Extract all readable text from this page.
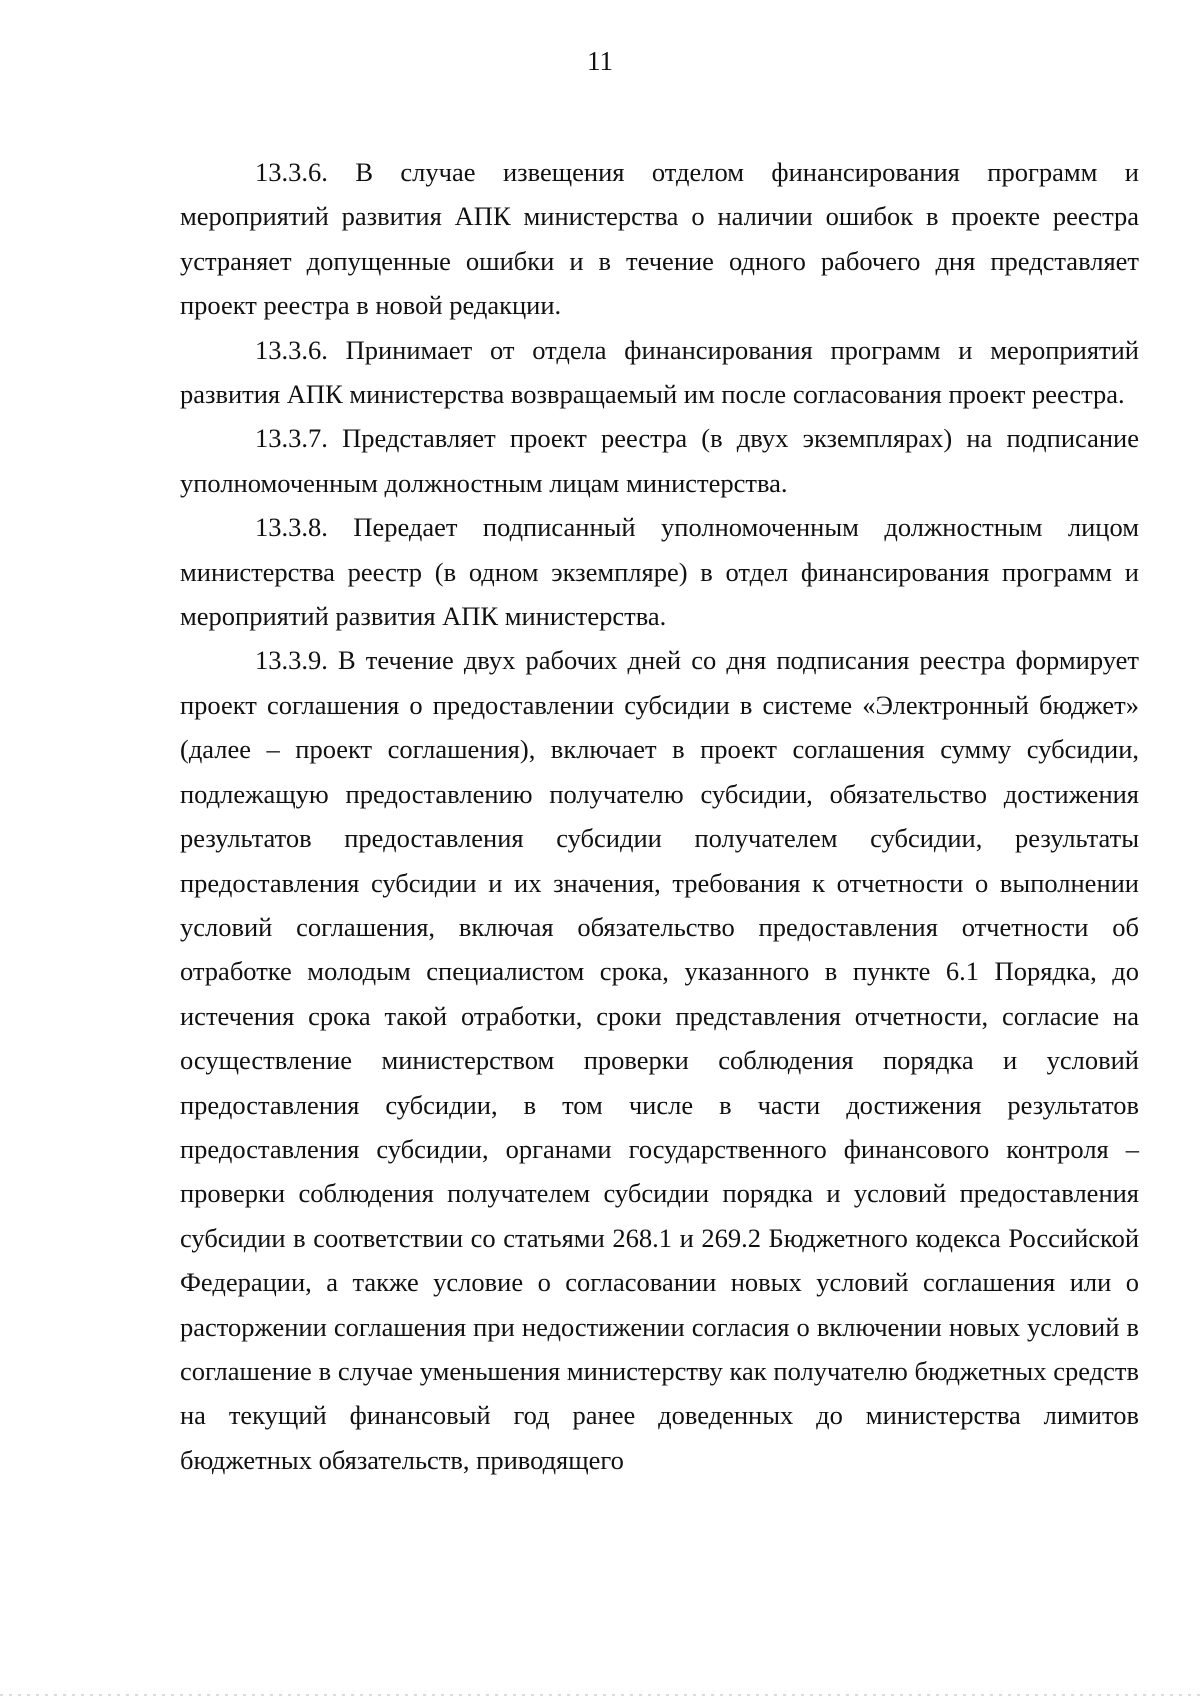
11

13.3.6. В случае извещения отделом финансирования программ и мероприятий развития АПК министерства о наличии ошибок в проекте реестра устраняет допущенные ошибки и в течение одного рабочего дня представляет проект реестра в новой редакции.

13.3.6. Принимает от отдела финансирования программ и мероприятий развития АПК министерства возвращаемый им после согласования проект реестра.

13.3.7. Представляет проект реестра (в двух экземплярах) на подписание уполномоченным должностным лицам министерства.

13.3.8. Передает подписанный уполномоченным должностным лицом министерства реестр (в одном экземпляре) в отдел финансирования программ и мероприятий развития АПК министерства.

13.3.9. В течение двух рабочих дней со дня подписания реестра формирует проект соглашения о предоставлении субсидии в системе «Электронный бюджет» (далее – проект соглашения), включает в проект соглашения сумму субсидии, подлежащую предоставлению получателю субсидии, обязательство достижения результатов предоставления субсидии получателем субсидии, результаты предоставления субсидии и их значения, требования к отчетности о выполнении условий соглашения, включая обязательство предоставления отчетности об отработке молодым специалистом срока, указанного в пункте 6.1 Порядка, до истечения срока такой отработки, сроки представления отчетности, согласие на осуществление министерством проверки соблюдения порядка и условий предоставления субсидии, в том числе в части достижения результатов предоставления субсидии, органами государственного финансового контроля – проверки соблюдения получателем субсидии порядка и условий предоставления субсидии в соответствии со статьями 268.1 и 269.2 Бюджетного кодекса Российской Федерации, а также условие о согласовании новых условий соглашения или о расторжении соглашения при недостижении согласия о включении новых условий в соглашение в случае уменьшения министерству как получателю бюджетных средств на текущий финансовый год ранее доведенных до министерства лимитов бюджетных обязательств, приводящего
